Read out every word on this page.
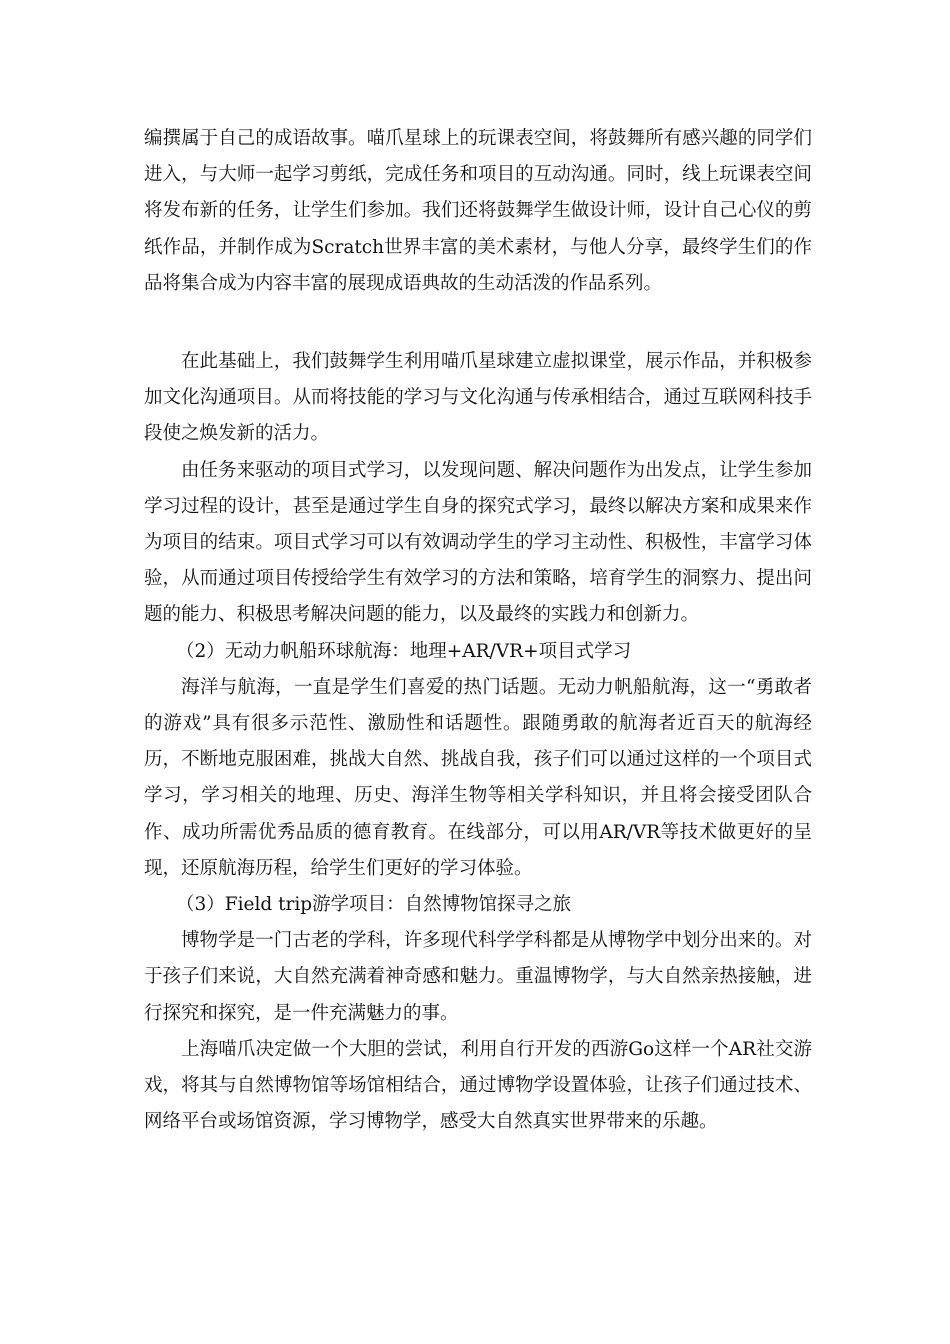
编撰属于自己的成语故事。喵爪星球上的玩课表空间，将鼓舞所有感兴趣的同学们进入，与大师一起学习剪纸，完成任务和项目的互动沟通。同时，线上玩课表空间将发布新的任务，让学生们参加。我们还将鼓舞学生做设计师，设计自己心仪的剪纸作品，并制作成为Scratch世界丰富的美术素材，与他人分享，最终学生们的作品将集合成为内容丰富的展现成语典故的生动活泼的作品系列。

在此基础上，我们鼓舞学生利用喵爪星球建立虚拟课堂，展示作品，并积极参加文化沟通项目。从而将技能的学习与文化沟通与传承相结合，通过互联网科技手段使之焕发新的活力。

由任务来驱动的项目式学习，以发现问题、解决问题作为出发点，让学生参加学习过程的设计，甚至是通过学生自身的探究式学习，最终以解决方案和成果来作为项目的结束。项目式学习可以有效调动学生的学习主动性、积极性，丰富学习体验，从而通过项目传授给学生有效学习的方法和策略，培育学生的洞察力、提出问题的能力、积极思考解决问题的能力，以及最终的实践力和创新力。

（2）无动力帆船环球航海：地理+AR/VR+项目式学习

海洋与航海，一直是学生们喜爱的热门话题。无动力帆船航海，这一“勇敢者的游戏”具有很多示范性、激励性和话题性。跟随勇敢的航海者近百天的航海经历，不断地克服困难，挑战大自然、挑战自我，孩子们可以通过这样的一个项目式学习，学习相关的地理、历史、海洋生物等相关学科知识，并且将会接受团队合作、成功所需优秀品质的德育教育。在线部分，可以用AR/VR等技术做更好的呈现，还原航海历程，给学生们更好的学习体验。

（3）Field trip游学项目：自然博物馆探寻之旅

博物学是一门古老的学科，许多现代科学学科都是从博物学中划分出来的。对于孩子们来说，大自然充满着神奇感和魅力。重温博物学，与大自然亲热接触，进行探究和探究，是一件充满魅力的事。

上海喵爪决定做一个大胆的尝试，利用自行开发的西游Go这样一个AR社交游戏，将其与自然博物馆等场馆相结合，通过博物学设置体验，让孩子们通过技术、网络平台或场馆资源，学习博物学，感受大自然真实世界带来的乐趣。
